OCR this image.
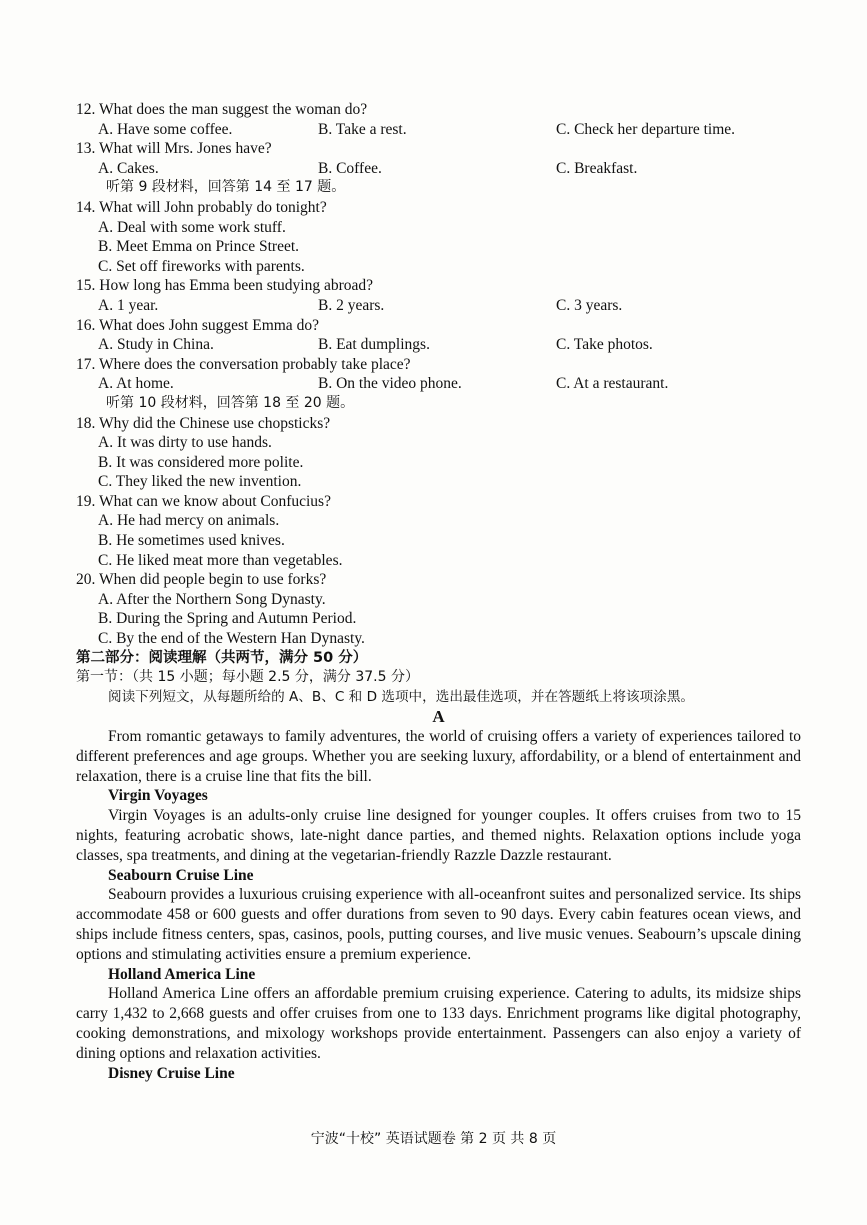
12. What does the man suggest the woman do?
A. Have some coffee.	B. Take a rest.	C. Check her departure time.
13. What will Mrs. Jones have?
A. Cakes.	B. Coffee.	C. Breakfast.
听第 9 段材料，回答第 14 至 17 题。
14. What will John probably do tonight?
A. Deal with some work stuff.
B. Meet Emma on Prince Street.
C. Set off fireworks with parents.
15. How long has Emma been studying abroad?
A. 1 year.	B. 2 years.	C. 3 years.
16. What does John suggest Emma do?
A. Study in China.	B. Eat dumplings.	C. Take photos.
17. Where does the conversation probably take place?
A. At home.	B. On the video phone.	C. At a restaurant.
听第 10 段材料，回答第 18 至 20 题。
18. Why did the Chinese use chopsticks?
A. It was dirty to use hands.
B. It was considered more polite.
C. They liked the new invention.
19. What can we know about Confucius?
A. He had mercy on animals.
B. He sometimes used knives.
C. He liked meat more than vegetables.
20. When did people begin to use forks?
A. After the Northern Song Dynasty.
B. During the Spring and Autumn Period.
C. By the end of the Western Han Dynasty.
第二部分：阅读理解（共两节，满分 50 分）
第一节：（共 15 小题；每小题 2.5 分，满分 37.5 分）
阅读下列短文，从每题所给的 A、B、C 和 D 选项中，选出最佳选项，并在答题纸上将该项涂黑。
A

From romantic getaways to family adventures, the world of cruising offers a variety of experiences tailored to different preferences and age groups. Whether you are seeking luxury, affordability, or a blend of entertainment and relaxation, there is a cruise line that fits the bill.

Virgin Voyages

Virgin Voyages is an adults-only cruise line designed for younger couples. It offers cruises from two to 15 nights, featuring acrobatic shows, late-night dance parties, and themed nights. Relaxation options include yoga classes, spa treatments, and dining at the vegetarian-friendly Razzle Dazzle restaurant.

Seabourn Cruise Line

Seabourn provides a luxurious cruising experience with all-oceanfront suites and personalized service. Its ships accommodate 458 or 600 guests and offer durations from seven to 90 days. Every cabin features ocean views, and ships include fitness centers, spas, casinos, pools, putting courses, and live music venues. Seabourn’s upscale dining options and stimulating activities ensure a premium experience.

Holland America Line

Holland America Line offers an affordable premium cruising experience. Catering to adults, its midsize ships carry 1,432 to 2,668 guests and offer cruises from one to 133 days. Enrichment programs like digital photography, cooking demonstrations, and mixology workshops provide entertainment. Passengers can also enjoy a variety of dining options and relaxation activities.

Disney Cruise Line
宁波“十校” 英语试题卷 第 2 页 共 8 页
